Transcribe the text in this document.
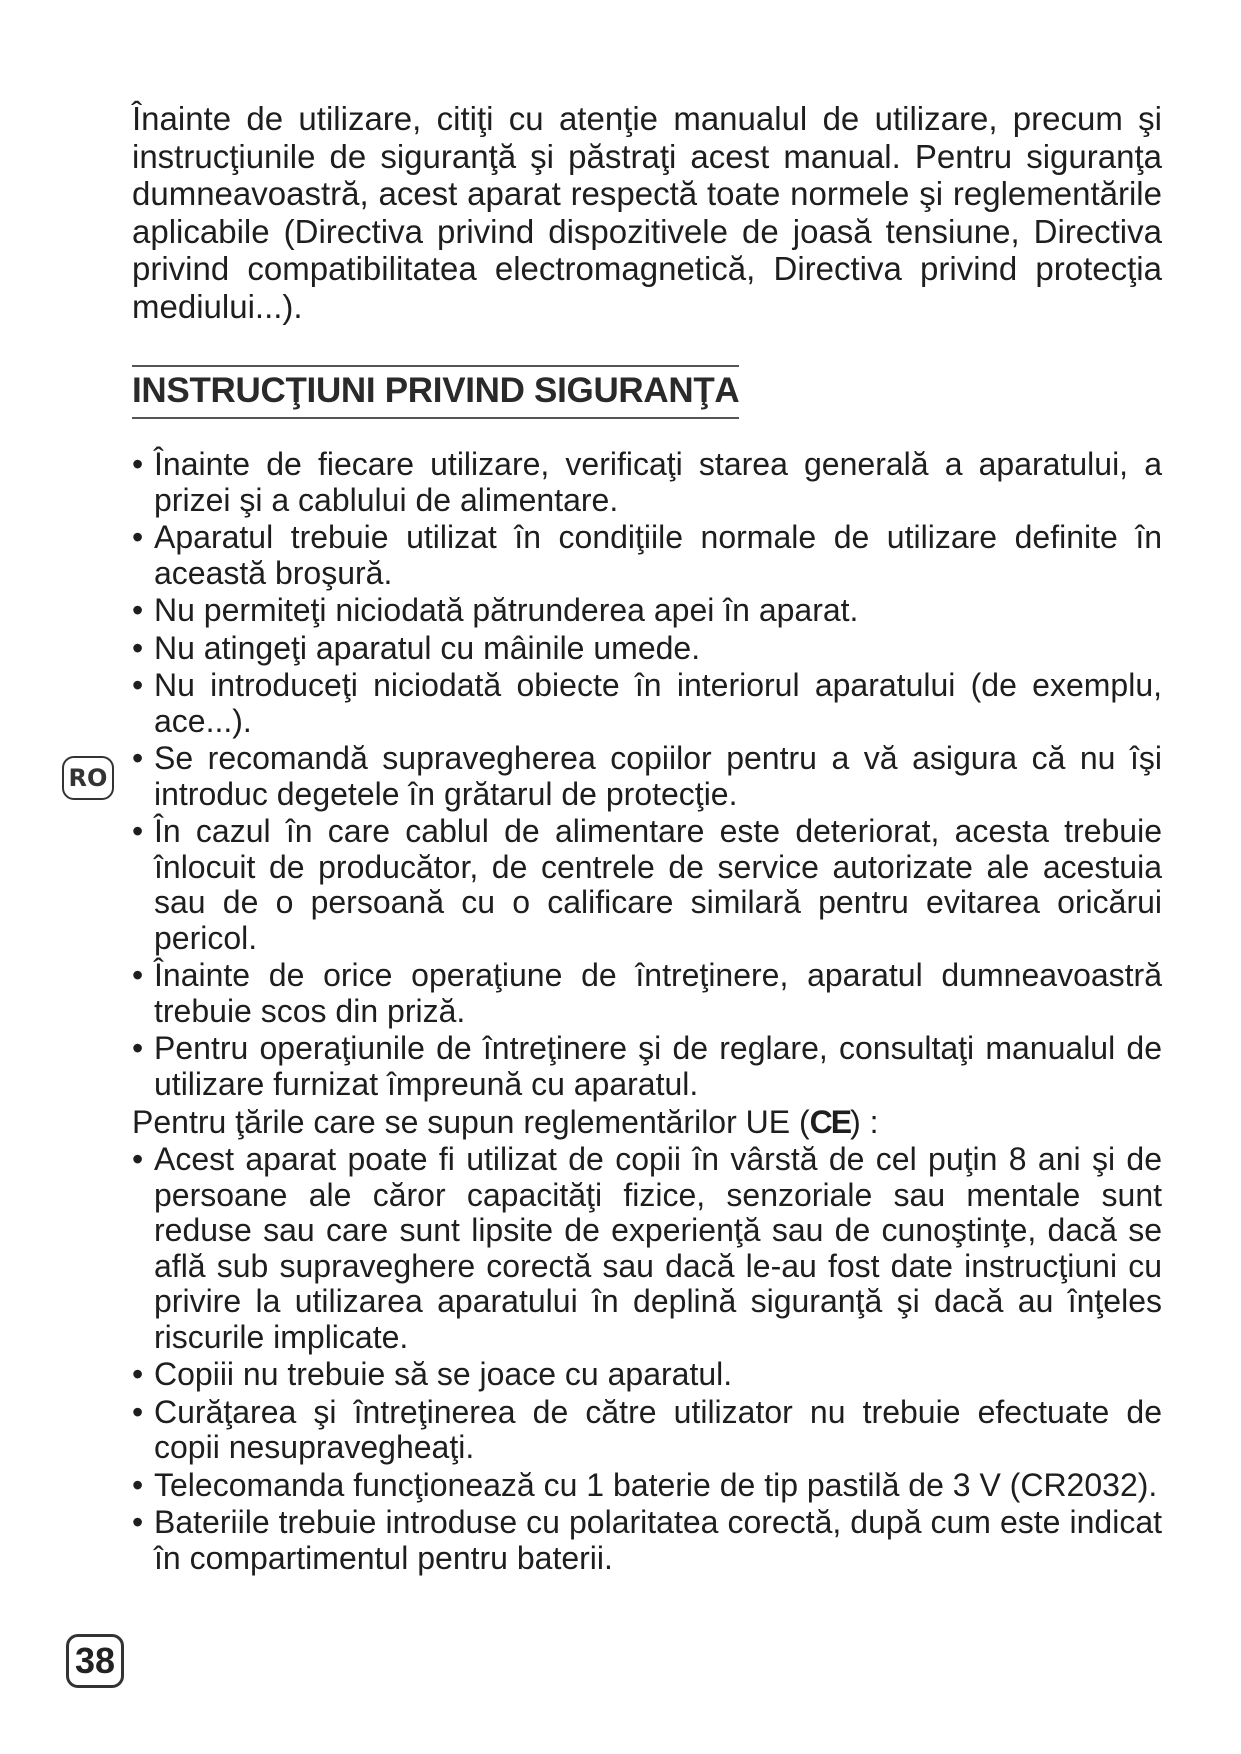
Înainte de utilizare, citiţi cu atenţie manualul de utilizare, precum şi instrucţiunile de siguranţă şi păstraţi acest manual. Pentru siguranţa dumneavoastră, acest aparat respectă toate normele şi reglementările aplicabile (Directiva privind dispozitivele de joasă tensiune, Directiva privind compatibilitatea electromagnetică, Directiva privind protecţia mediului...).

INSTRUCŢIUNI PRIVIND SIGURANŢA
• Înainte de fiecare utilizare, verificaţi starea generală a aparatului, a prizei şi a cablului de alimentare.
• Aparatul trebuie utilizat în condiţiile normale de utilizare definite în această broşură.
• Nu permiteţi niciodată pătrunderea apei în aparat.
• Nu atingeţi aparatul cu mâinile umede.
• Nu introduceţi niciodată obiecte în interiorul aparatului (de exemplu, ace...).
• Se recomandă supravegherea copiilor pentru a vă asigura că nu îşi introduc degetele în grătarul de protecţie.
• În cazul în care cablul de alimentare este deteriorat, acesta trebuie înlocuit de producător, de centrele de service autorizate ale acestuia sau de o persoană cu o calificare similară pentru evitarea oricărui pericol.
• Înainte de orice operaţiune de întreţinere, aparatul dumneavoastră trebuie scos din priză.
• Pentru operaţiunile de întreţinere şi de reglare, consultaţi manualul de utilizare furnizat împreună cu aparatul.
Pentru ţările care se supun reglementărilor UE (CE) :
• Acest aparat poate fi utilizat de copii în vârstă de cel puţin 8 ani şi de persoane ale căror capacităţi fizice, senzoriale sau mentale sunt reduse sau care sunt lipsite de experienţă sau de cunoştinţe, dacă se află sub supraveghere corectă sau dacă le-au fost date instrucţiuni cu privire la utilizarea aparatului în deplină siguranţă şi dacă au înţeles riscurile implicate.
• Copiii nu trebuie să se joace cu aparatul.
• Curăţarea şi întreţinerea de către utilizator nu trebuie efectuate de copii nesupravegheaţi.
• Telecomanda funcţionează cu 1 baterie de tip pastilă de 3 V (CR2032).
• Bateriile trebuie introduse cu polaritatea corectă, după cum este indicat în compartimentul pentru baterii.
RO
38
